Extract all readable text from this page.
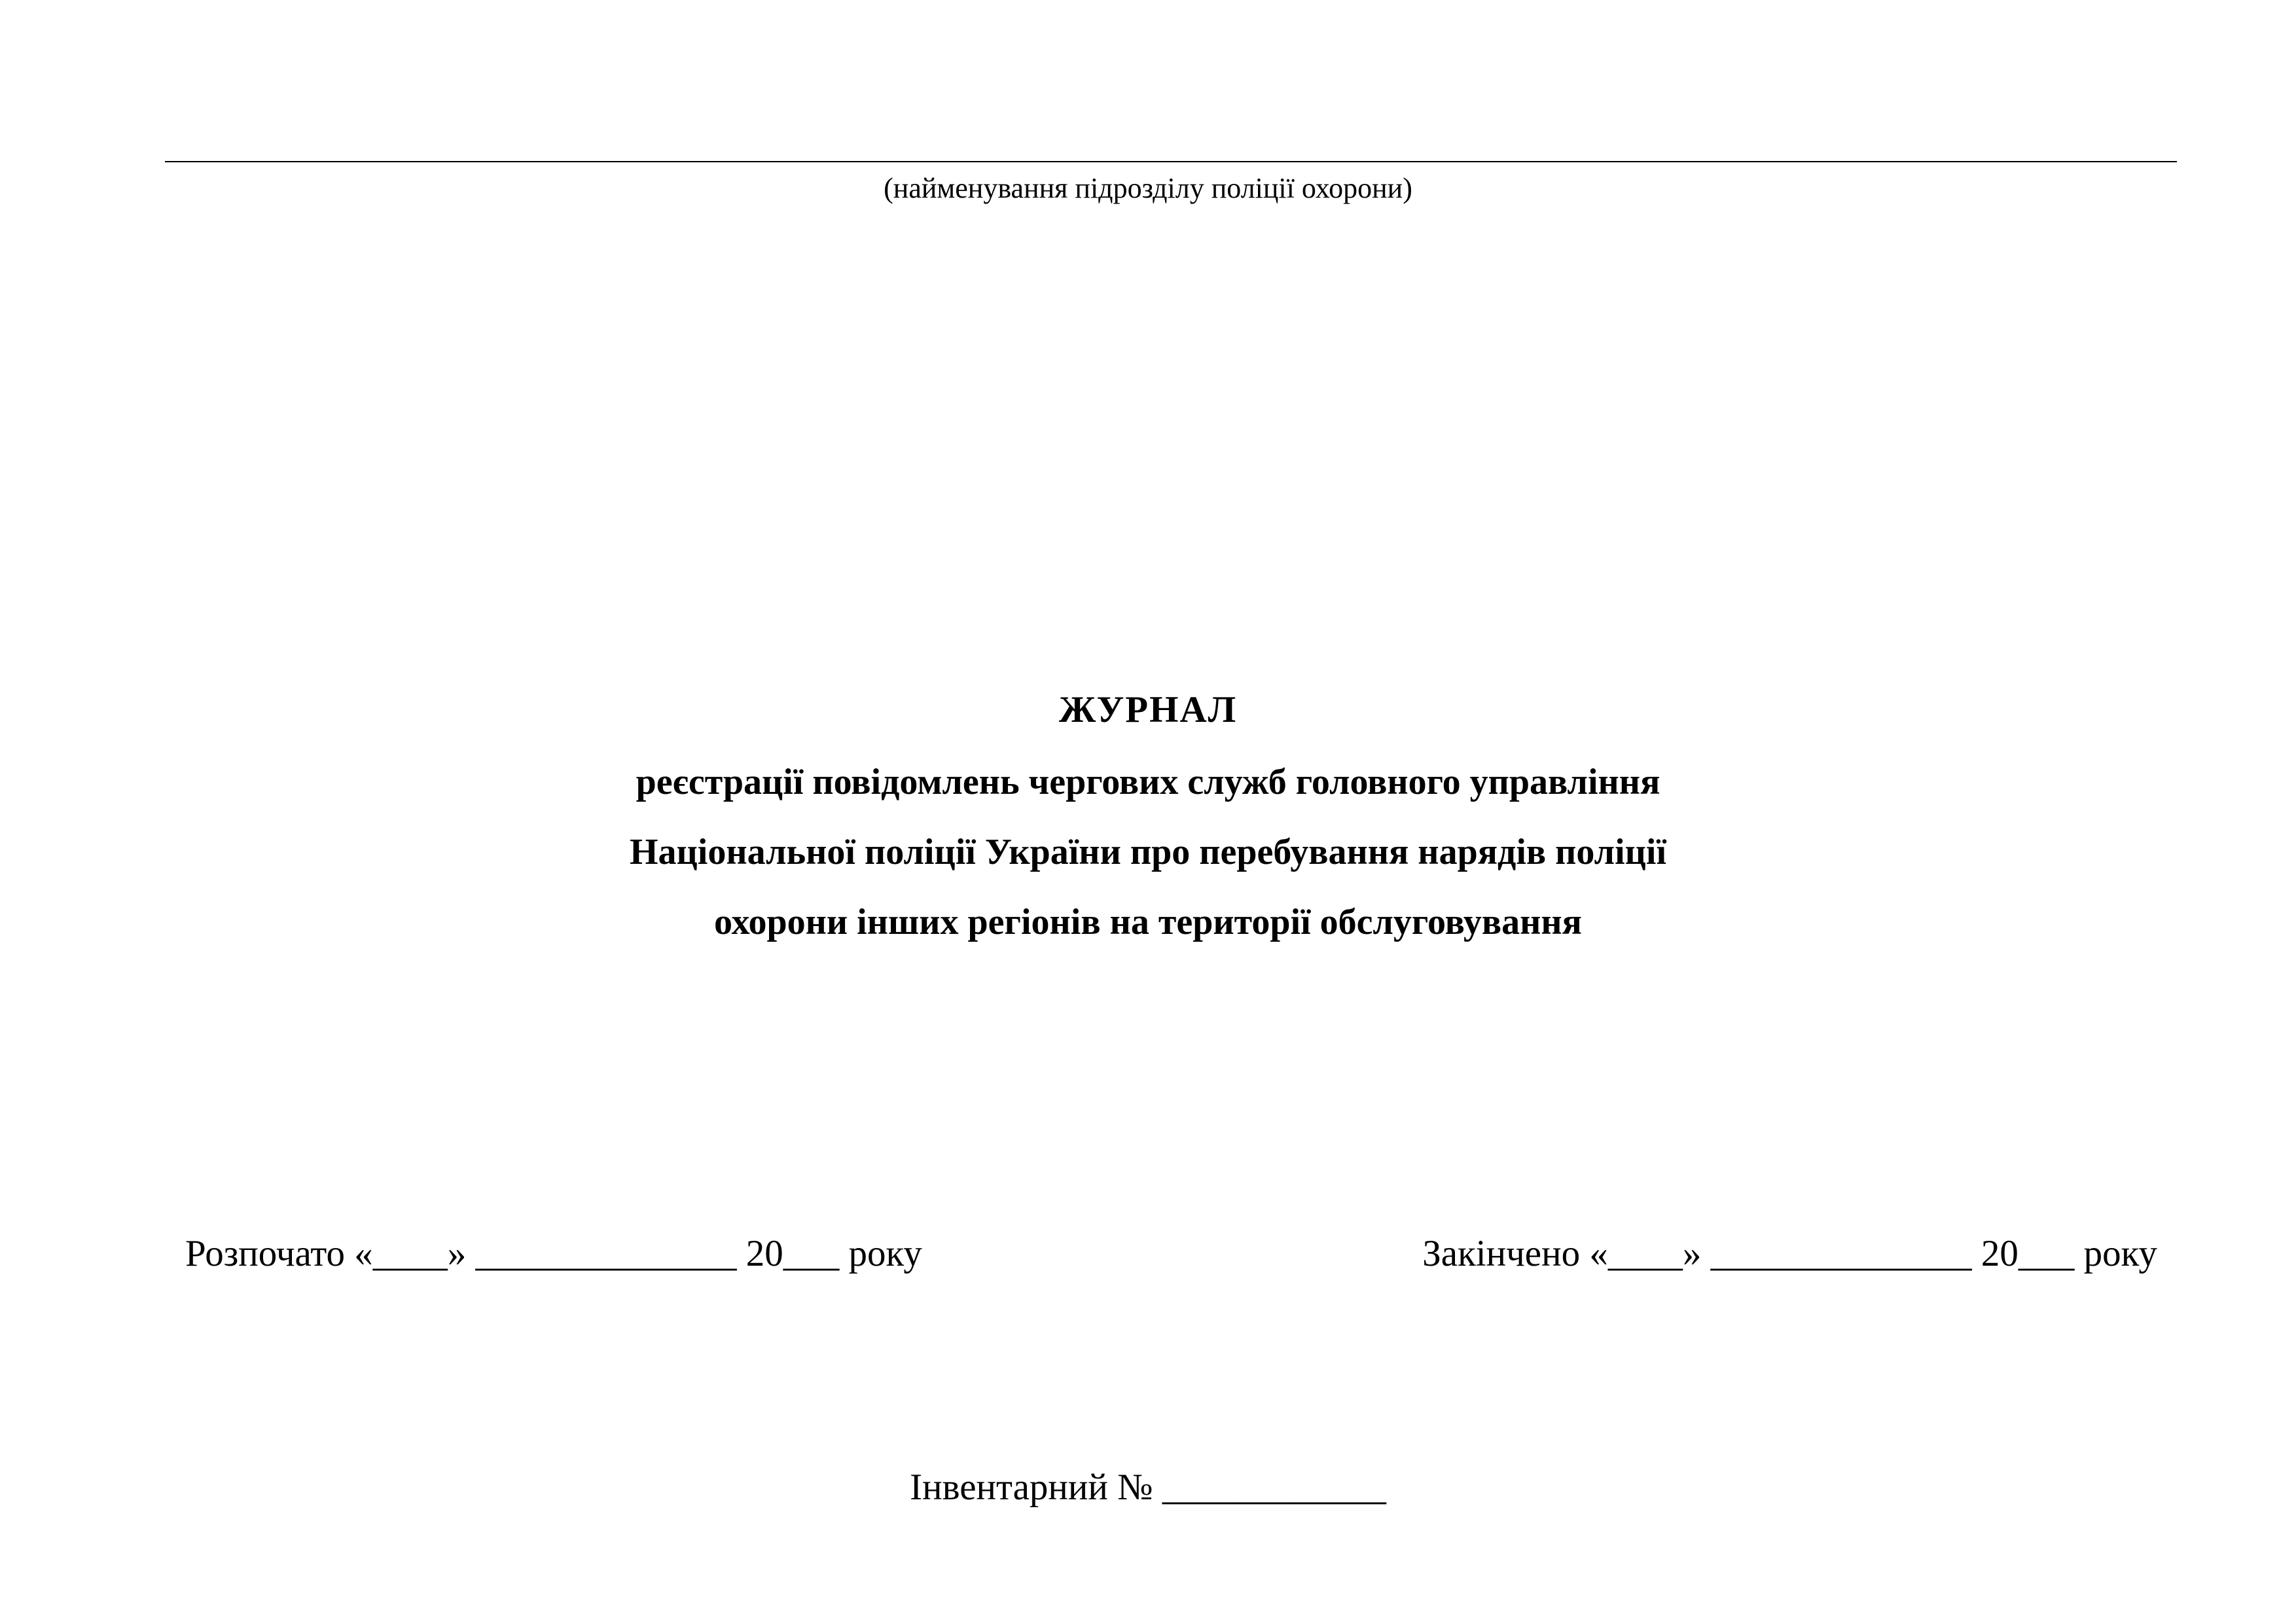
(найменування підрозділу поліції охорони)
ЖУРНАЛ
реєстрації повідомлень чергових служб головного управління
Національної поліції України про перебування нарядів поліції
охорони інших регіонів на території обслуговування
Розпочато «____» ______________ 20___ року	Закінчено «____» ______________ 20___ року
Інвентарний № ____________
